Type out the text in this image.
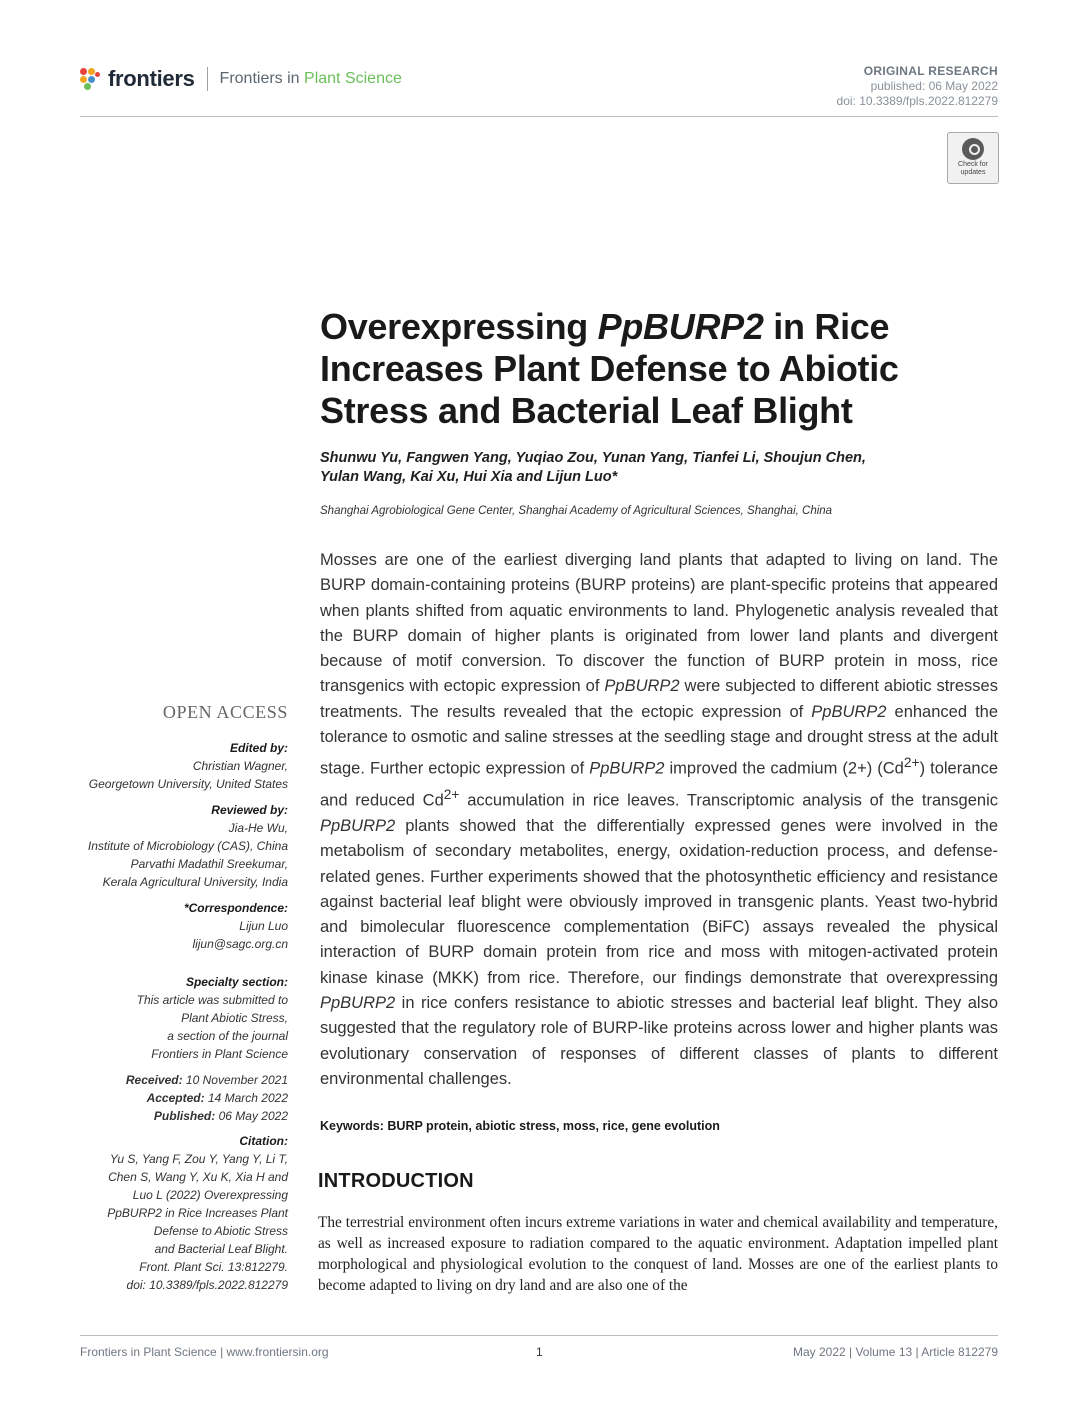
frontiers Frontiers in Plant Science	ORIGINAL RESEARCH
published: 06 May 2022
doi: 10.3389/fpls.2022.812279
Check for updates
Overexpressing PpBURP2 in Rice
Increases Plant Defense to Abiotic
Stress and Bacterial Leaf Blight
Shunwu Yu, Fangwen Yang, Yuqiao Zou, Yunan Yang, Tianfei Li, Shoujun Chen,
Yulan Wang, Kai Xu, Hui Xia and Lijun Luo*
Shanghai Agrobiological Gene Center, Shanghai Academy of Agricultural Sciences, Shanghai, China
Mosses are one of the earliest diverging land plants that adapted to living on land. The BURP domain-containing proteins (BURP proteins) are plant-specific proteins that appeared when plants shifted from aquatic environments to land. Phylogenetic analysis revealed that the BURP domain of higher plants is originated from lower land plants and divergent because of motif conversion. To discover the function of BURP protein in moss, rice transgenics with ectopic expression of PpBURP2 were subjected to different abiotic stresses treatments. The results revealed that the ectopic expression of PpBURP2 enhanced the tolerance to osmotic and saline stresses at the seedling stage and drought stress at the adult stage. Further ectopic expression of PpBURP2 improved the cadmium (2+) $(Cd^{2+})$ tolerance and reduced $Cd^{2+}$ accumulation in rice leaves. Transcriptomic analysis of the transgenic PpBURP2 plants showed that the differentially expressed genes were involved in the metabolism of secondary metabolites, energy, oxidation-reduction process, and defense-related genes. Further experiments showed that the photosynthetic efficiency and resistance against bacterial leaf blight were obviously improved in transgenic plants. Yeast two-hybrid and bimolecular fluorescence complementation (BiFC) assays revealed the physical interaction of BURP domain protein from rice and moss with mitogen-activated protein kinase kinase (MKK) from rice. Therefore, our findings demonstrate that overexpressing PpBURP2 in rice confers resistance to abiotic stresses and bacterial leaf blight. They also suggested that the regulatory role of BURP-like proteins across lower and higher plants was evolutionary conservation of responses of different classes of plants to different environmental challenges.
Keywords: BURP protein, abiotic stress, moss, rice, gene evolution
INTRODUCTION
The terrestrial environment often incurs extreme variations in water and chemical availability and temperature, as well as increased exposure to radiation compared to the aquatic environment. Adaptation impelled plant morphological and physiological evolution to the conquest of land. Mosses are one of the earliest plants to become adapted to living on dry land and are also one of the
OPEN ACCESS
Edited by:
Christian Wagner,
Georgetown University, United States
Reviewed by:
Jia-He Wu,
Institute of Microbiology (CAS), China
Parvathi Madathil Sreekumar,
Kerala Agricultural University, India
*Correspondence:
Lijun Luo
lijun@sagc.org.cn
Specialty section:
This article was submitted to
Plant Abiotic Stress,
a section of the journal
Frontiers in Plant Science
Received: 10 November 2021
Accepted: 14 March 2022
Published: 06 May 2022
Citation:
Yu S, Yang F, Zou Y, Yang Y, Li T,
Chen S, Wang Y, Xu K, Xia H and
Luo L (2022) Overexpressing
PpBURP2 in Rice Increases Plant
Defense to Abiotic Stress
and Bacterial Leaf Blight.
Front. Plant Sci. 13:812279.
doi: 10.3389/fpls.2022.812279
Frontiers in Plant Science | www.frontiersin.org	1	May 2022 | Volume 13 | Article 812279
